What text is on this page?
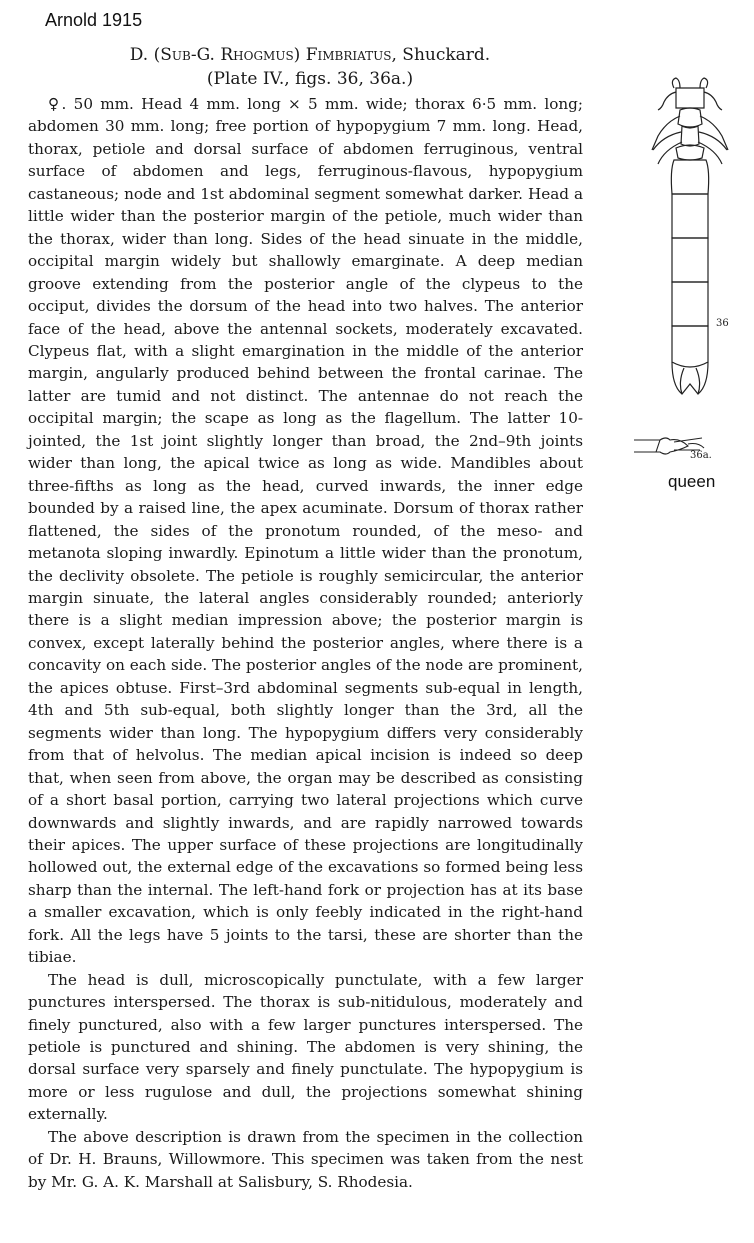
Arnold 1915
D. (Sub-G. Rhogmus) Fimbriatus, Shuckard.
(Plate IV., figs. 36, 36a.)

♀. 50 mm. Head 4 mm. long × 5 mm. wide; thorax 6·5 mm. long; abdomen 30 mm. long; free portion of hypopygium 7 mm. long. Head, thorax, petiole and dorsal surface of abdomen ferruginous, ventral surface of abdomen and legs, ferruginous-flavous, hypopygium castaneous; node and 1st abdominal segment somewhat darker. Head a little wider than the posterior margin of the petiole, much wider than the thorax, wider than long. Sides of the head sinuate in the middle, occipital margin widely but shallowly emarginate. A deep median groove extending from the posterior angle of the clypeus to the occiput, divides the dorsum of the head into two halves. The anterior face of the head, above the antennal sockets, moderately excavated. Clypeus flat, with a slight emargination in the middle of the anterior margin, angularly produced behind between the frontal carinae. The latter are tumid and not distinct. The antennae do not reach the occipital margin; the scape as long as the flagellum. The latter 10-jointed, the 1st joint slightly longer than broad, the 2nd–9th joints wider than long, the apical twice as long as wide. Mandibles about three-fifths as long as the head, curved inwards, the inner edge bounded by a raised line, the apex acuminate. Dorsum of thorax rather flattened, the sides of the pronotum rounded, of the meso- and metanota sloping inwardly. Epinotum a little wider than the pronotum, the declivity obsolete. The petiole is roughly semicircular, the anterior margin sinuate, the lateral angles considerably rounded; anteriorly there is a slight median impression above; the posterior margin is convex, except laterally behind the posterior angles, where there is a concavity on each side. The posterior angles of the node are prominent, the apices obtuse. First–3rd abdominal segments sub-equal in length, 4th and 5th sub-equal, both slightly longer than the 3rd, all the segments wider than long. The hypopygium differs very considerably from that of helvolus. The median apical incision is indeed so deep that, when seen from above, the organ may be described as consisting of a short basal portion, carrying two lateral projections which curve downwards and slightly inwards, and are rapidly narrowed towards their apices. The upper surface of these projections are longitudinally hollowed out, the external edge of the excavations so formed being less sharp than the internal. The left-hand fork or projection has at its base a smaller excavation, which is only feebly indicated in the right-hand fork. All the legs have 5 joints to the tarsi, these are shorter than the tibiae.

The head is dull, microscopically punctulate, with a few larger punctures interspersed. The thorax is sub-nitidulous, moderately and finely punctured, also with a few larger punctures interspersed. The petiole is punctured and shining. The abdomen is very shining, the dorsal surface very sparsely and finely punctulate. The hypopygium is more or less rugulose and dull, the projections somewhat shining externally.

The above description is drawn from the specimen in the collection of Dr. H. Brauns, Willowmore. This specimen was taken from the nest by Mr. G. A. K. Marshall at Salisbury, S. Rhodesia.

36
36a.
queen
